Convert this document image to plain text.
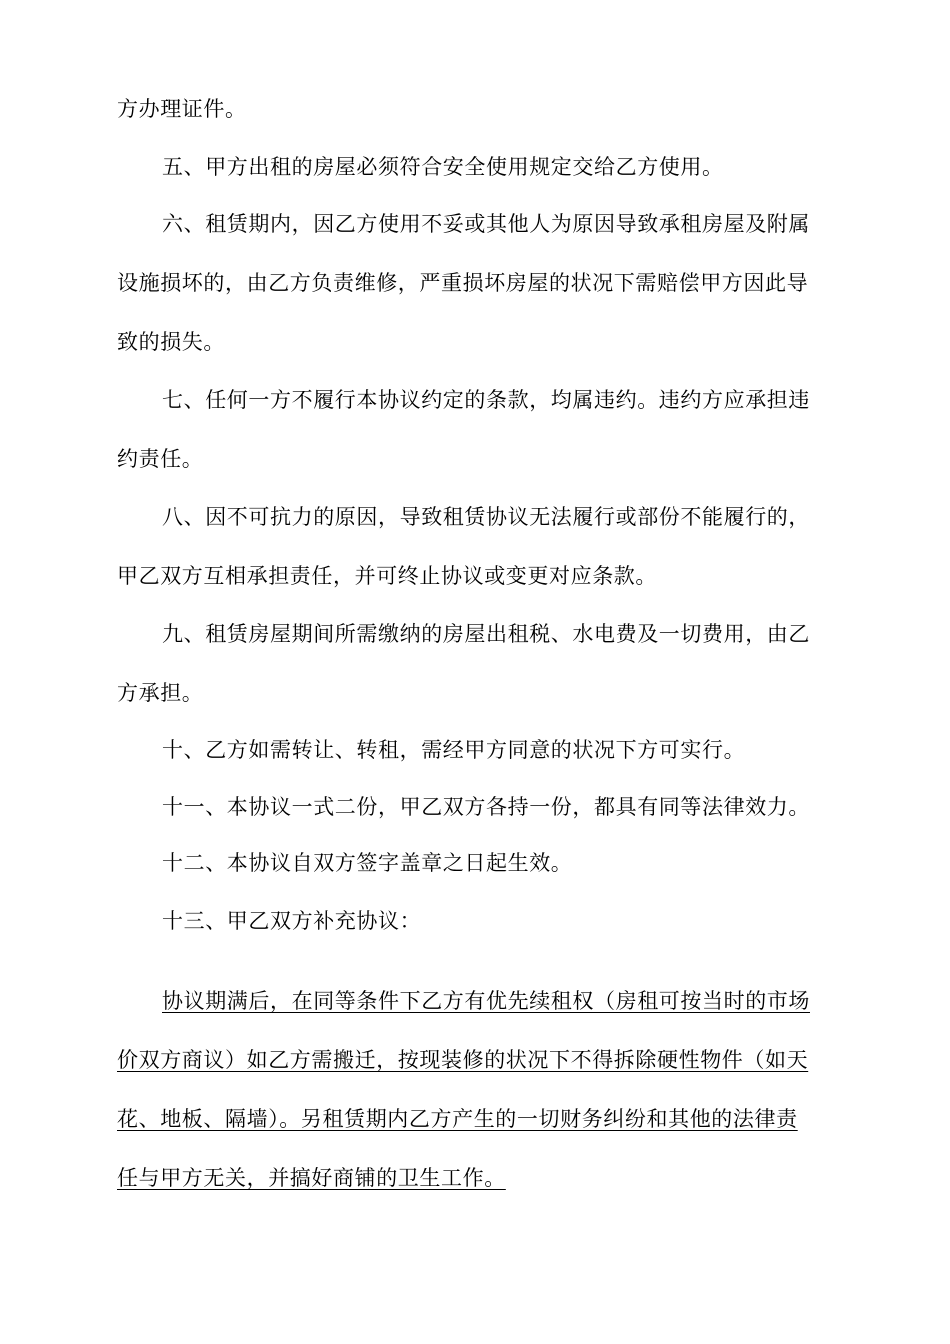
方办理证件。
五、甲方出租的房屋必须符合安全使用规定交给乙方使用。
六、租赁期内，因乙方使用不妥或其他人为原因导致承租房屋及附属
设施损坏的，由乙方负责维修，严重损坏房屋的状况下需赔偿甲方因此导
致的损失。
七、任何一方不履行本协议约定的条款，均属违约。违约方应承担违
约责任。
八、因不可抗力的原因，导致租赁协议无法履行或部份不能履行的，
甲乙双方互相承担责任，并可终止协议或变更对应条款。
九、租赁房屋期间所需缴纳的房屋出租税、水电费及一切费用，由乙
方承担。
十、乙方如需转让、转租，需经甲方同意的状况下方可实行。
十一、本协议一式二份，甲乙双方各持一份，都具有同等法律效力。
十二、本协议自双方签字盖章之日起生效。
十三、甲乙双方补充协议：
协议期满后，在同等条件下乙方有优先续租权（房租可按当时的市场
价双方商议）如乙方需搬迁，按现装修的状况下不得拆除硬性物件（如天
花、地板、隔墙）。另租赁期内乙方产生的一切财务纠纷和其他的法律责
任与甲方无关，并搞好商铺的卫生工作。
